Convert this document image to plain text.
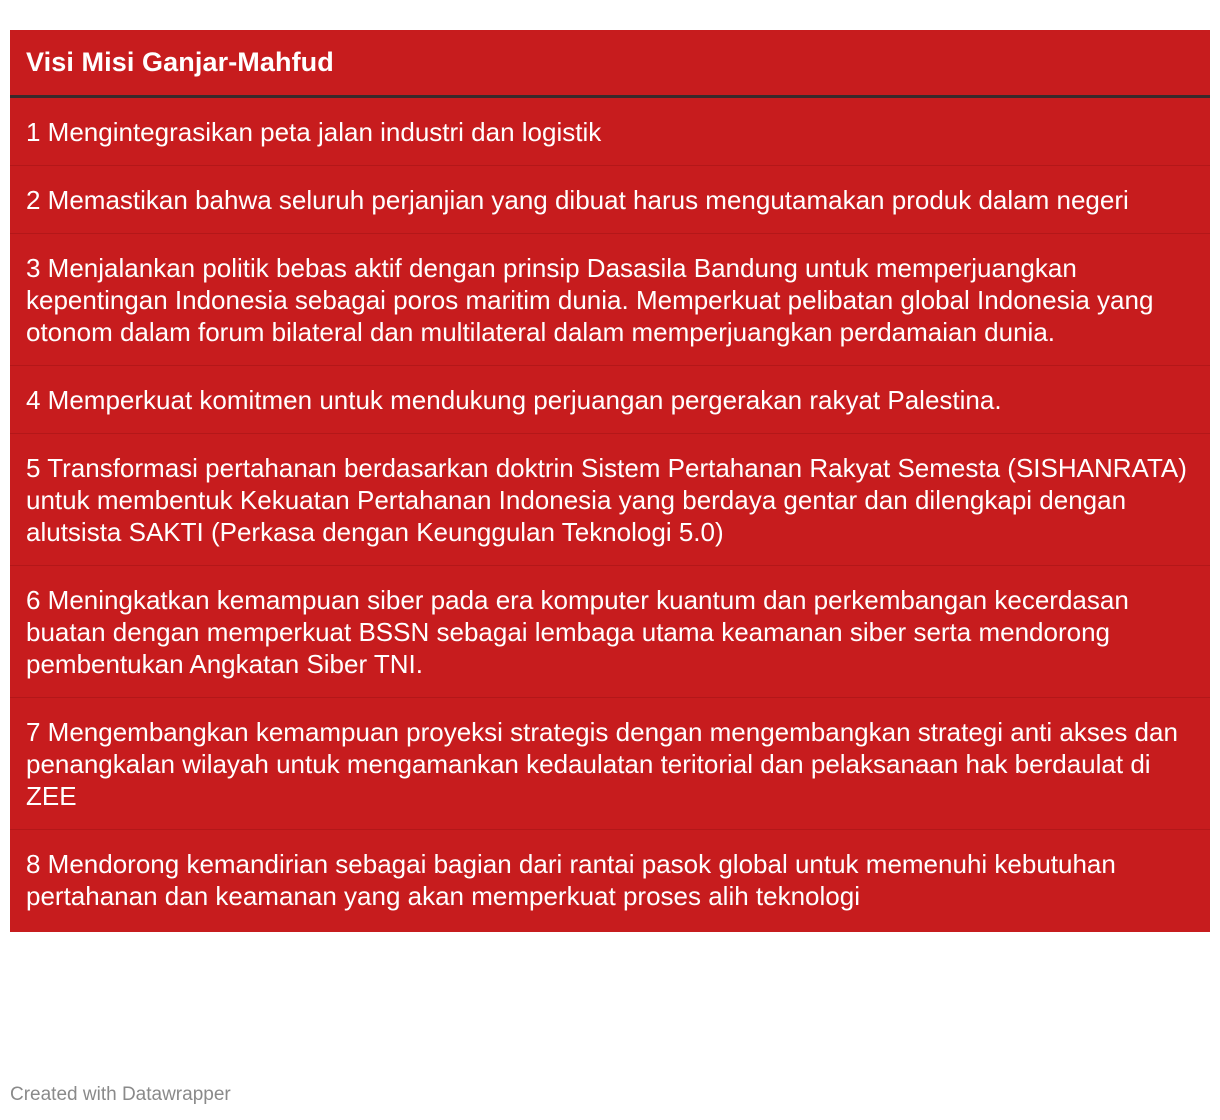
Visi Misi Ganjar-Mahfud
1 Mengintegrasikan peta jalan industri dan logistik
2 Memastikan bahwa seluruh perjanjian yang dibuat harus mengutamakan produk dalam negeri
3 Menjalankan politik bebas aktif dengan prinsip Dasasila Bandung untuk memperjuangkan kepentingan Indonesia sebagai poros maritim dunia. Memperkuat pelibatan global Indonesia yang otonom dalam forum bilateral dan multilateral dalam memperjuangkan perdamaian dunia.
4 Memperkuat komitmen untuk mendukung perjuangan pergerakan rakyat Palestina.
5 Transformasi pertahanan berdasarkan doktrin Sistem Pertahanan Rakyat Semesta (SISHANRATA) untuk membentuk Kekuatan Pertahanan Indonesia yang berdaya gentar dan dilengkapi dengan alutsista SAKTI (Perkasa dengan Keunggulan Teknologi 5.0)
6 Meningkatkan kemampuan siber pada era komputer kuantum dan perkembangan kecerdasan buatan dengan memperkuat BSSN sebagai lembaga utama keamanan siber serta mendorong pembentukan Angkatan Siber TNI.
7 Mengembangkan kemampuan proyeksi strategis dengan mengembangkan strategi anti akses dan penangkalan wilayah untuk mengamankan kedaulatan teritorial dan pelaksanaan hak berdaulat di ZEE
8 Mendorong kemandirian sebagai bagian dari rantai pasok global untuk memenuhi kebutuhan pertahanan dan keamanan yang akan memperkuat proses alih teknologi
Created with Datawrapper
